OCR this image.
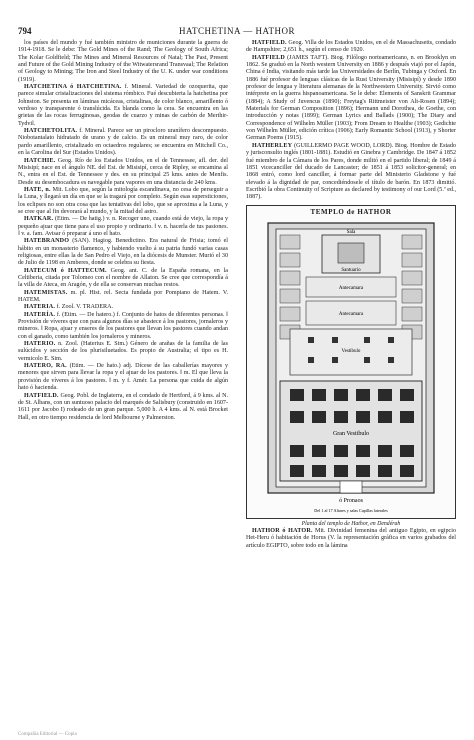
794	HATCHETINA — HATHOR

los países del mundo y fué también ministro de municiones durante la guerra de 1914-1918. Se le debe: The Gold Mines of the Rand; The Geology of South Africa; The Kolar Goldfield; The Mines and Mineral Resources of Natal; The Past, Present and Future of the Gold Mining Industry of the Witwatersrand Transvaal; The Relation of Geology to Mining; The Iron and Steel Industry of the U. K. under war conditions (1919).

HATCHETINA ó HATCHETINA. f. Mineral. Variedad de ozoquerita, que parece simular cristalizaciones del sistema rómbico. Fué descubierta la hatchetina por Johnston. Se presenta en láminas micáceas, cristalinas, de color blanco, amarillento ó verdoso y transparente ó translúcida. Es blanda como la cera. Se encuentra en las grietas de las rocas ferruginosas, geodas de cuarzo y minas de carbón de Merthir-Tydvil.

HATCHETOLITA. f. Mineral. Parece ser un pirocloro uranífero descompuesto. Niobotantalato hidratado de urano y de calcio. Es un mineral muy raro, de color pardo amarillento, cristalizado en octaedros regulares; se encuentra en Mitchell Co., en la Carolina del Sur (Estados Unidos).

HATCHIE. Geog. Río de los Estados Unidos, en el de Tennessee, afl. der. del Misisipí; nace en el ángulo NE. del Est. de Misisipí, cerca de Ripley, se encamina al N., entra en el Est. de Tennessee y des. en su principal 25 kms. antes de Menfis. Desde su desembocadura es navegable para vapores en una distancia de 240 kms.

HATE, n. Mit. Lobo que, según la mitología escandinava, no cesa de perseguir a la Luna, y llegará un día en que se la tragará por completo. Según esas supersticiones, los eclipses no son otra cosa que las tentativas del lobo, que se aproxima a la Luna, y se cree que al fin devorará al mundo, y la mitad del astro.

HATKAR. (Etim. — De hatig.) v. n. Recoger uno, cuando está de viejo, la ropa y pequeño ajuar que tiene para el uso propio y ordinario. ‖ v. n. hacerla de tus pasiones. ‖ v. a. fam. Avisar ó preparar á uno el hato.

HATEBRANDO (SAN). Hagiog. Benedictino. Era natural de Frisia; tomó el hábito en un monasterio flamenco, y habiendo vuelto á su patria fundó varias casas religiosas, entre ellas la de San Pedro el Viejo, en la diócesis de Munster. Murió el 30 de Julio de 1198 en Amberes, donde se celebra su fiesta.

HATECUM ó HATTECUM. Geog. ant. C. de la España romana, en la Celtiberia, citada por Tolomeo con el nombre de Allaton. Se cree que correspondía á la villa de Ateca, en Aragón, y de ella se conservan muchas restos.

HATEMISTAS. m. pl. Hist. rel. Secta fundada por Pompiano de Hatem. V. HATEM.

HATERIA. f. Zool. V. TRADERA.

HATERÍA. f. (Etim. — De hatero.) f. Conjunto de hatos de diferentes personas. ‖ Provisión de víveres que con para algunos días se abastece á los pastores, jornaleros y mineros. ‖ Ropa, ajuar y enseres de los pastores que llevan los pastores cuando andan con el ganado, como también los jornaleros y mineros.

HATERIO. n. Zool. (Haterius E. Sim.) Género de arañas de la familia de las sulúcidos y sección de los plurisiluetados. Es propio de Australia; el tipo es H. vermicolo E. Sim.

HATERO, RA. (Etim. — De hato.) adj. Dícese de las caballerías mayores y menores que sirven para llevar la ropa y el ajuar de los pastores. ‖ m. El que lleva la provisión de víveres á los pastores. ‖ m. y f. Amér. La persona que cuida de algún hato ó hacienda.

HATFIELD. Geog. Pobl. de Inglaterra, en el condado de Hertford, á 9 kms. al N. de St. Albans, con un suntuoso palacio del marqués de Salisbury (construido en 1607-1611 por Jacobo I) rodeado de un gran parque. 5,000 h. A 4 kms. al N. está Brocket Hall, en otro tiempo residencia de lord Melbourne y Palmerston.

HATFIELD. Geog. Villa de los Estados Unidos, en el de Massachusetts, condado de Hampshire; 2,651 h., según el censo de 1920.

HATFIELD (JAMES TAFT). Biog. Filólogo norteamericano, n. en Brooklyn en 1862. Se graduó en la North western University en 1886 y después viajó por el Japón, China é India, visitando más tarde las Universidades de Berlín, Tubinga y Oxford. En 1886 fué profesor de lenguas clásicas de la Rust University (Misisipí) y desde 1890 profesor de lengua y literatura alemanas de la Northwestern University. Sirvió como intérprete en la guerra hispanoamericana. Se le debe: Elements of Sanskrit Grammar (1884); A Study of Juvencus (1890); Freytag's Rittmeister von Alt-Rosen (1894); Materials for German Composition (1896); Hermann und Dorothea, de Goethe, con introducción y notas (1899); German Lyrics and Ballads (1900); The Diary and Correspondence of Wilhelm Müller (1903); From Dream to Healthe (1903); Gedichte von Wilhelm Müller, edición crítica (1906); Early Romantic School (1913), y Shorter German Poems (1915).

HATHERLEY (GUILLERMO PAGE WOOD, LORD). Biog. Hombre de Estado y jurisconsulto inglés (1801-1881). Estudió en Ginebra y Cambridge. De 1847 á 1852 fué miembro de la Cámara de los Pares, donde militó en el partido liberal; de 1849 á 1851 vicecanciller del ducado de Lancaster; de 1851 á 1853 solicitor-general; en 1868 entró, como lord canciller, á formar parte del Ministerio Gladstone y fué elevado á la dignidad de par, concediéndosele el título de barón. En 1873 dimitió. Escribió la obra Continuity of Scripture as declared by testimony of our Lord (5.ª ed., 1887).

TEMPLO de HATHOR
Sala
Santuario
Antecamara
Antecamara
Vestibulo
Gran Vestibulo
ó Pronaos
Del 1 al 17 Altares y salas Capillas laterales

Planta del templo de Hathor, en Dendérah

HATHOR ó HATOR. Mit. Divinidad femenina del antiguo Egipto, en egipcio Het-Heru ó habitación de Horus (V. la representación gráfica en varios grabados del artículo EGIPTO, sobre todo en la lámina

Compañía Editorial — Copia
